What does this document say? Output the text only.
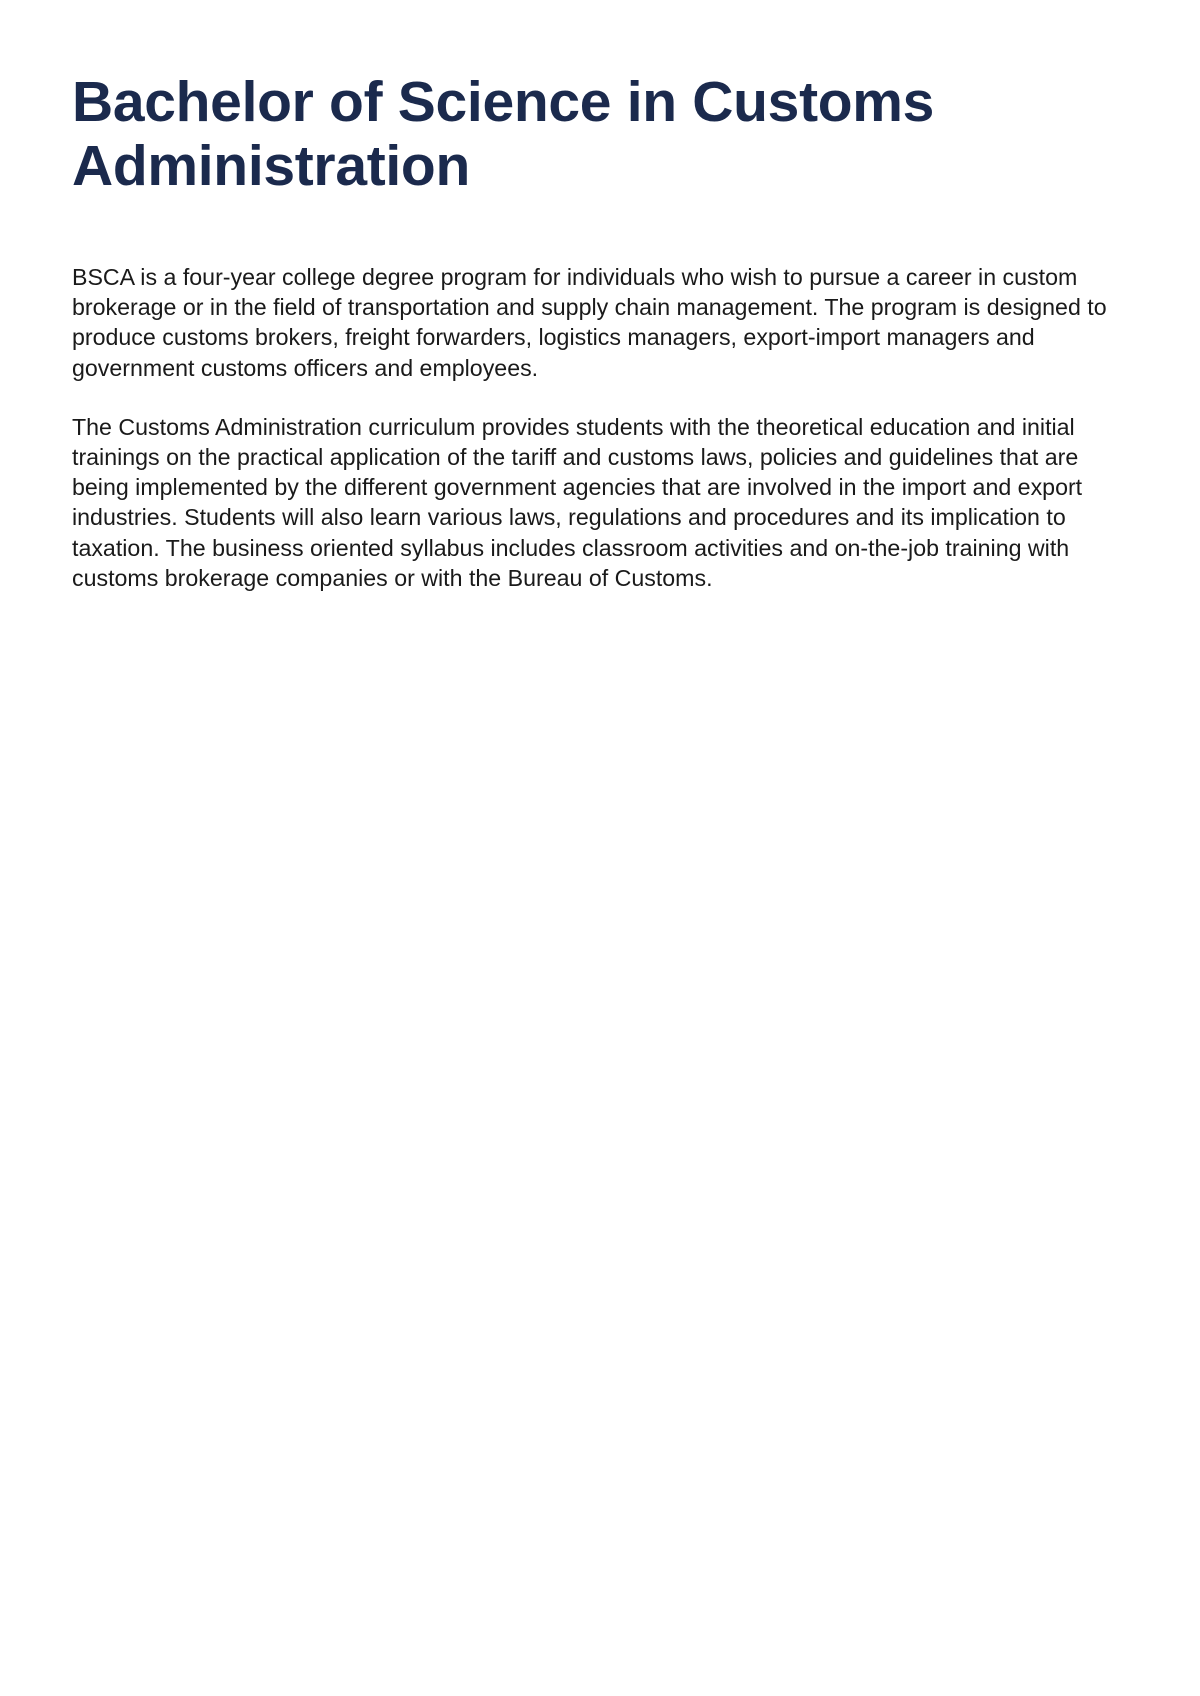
Bachelor of Science in Customs Administration

BSCA is a four-year college degree program for individuals who wish to pursue a career in custom brokerage or in the field of transportation and supply chain management. The program is designed to produce customs brokers, freight forwarders, logistics managers, export-import managers and government customs officers and employees.

The Customs Administration curriculum provides students with the theoretical education and initial trainings on the practical application of the tariff and customs laws, policies and guidelines that are being implemented by the different government agencies that are involved in the import and export industries. Students will also learn various laws, regulations and procedures and its implication to taxation. The business oriented syllabus includes classroom activities and on-the-job training with customs brokerage companies or with the Bureau of Customs.
